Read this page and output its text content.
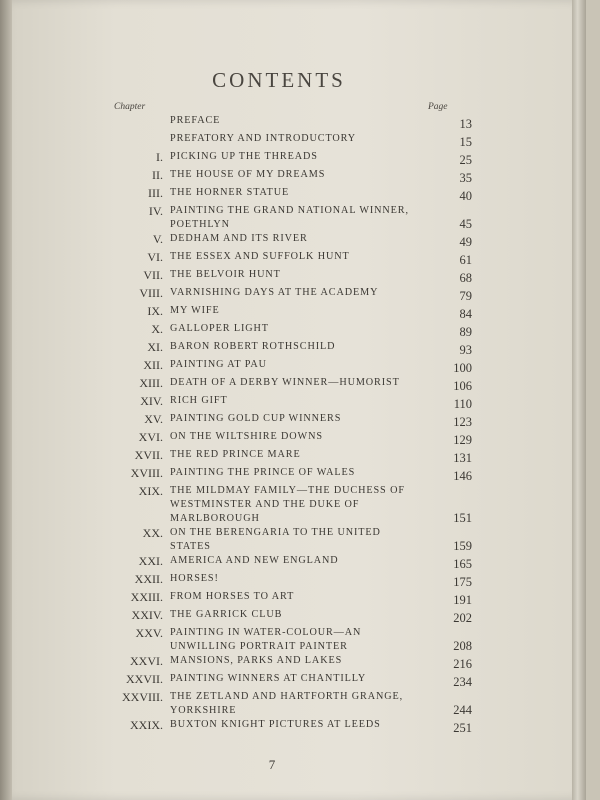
CONTENTS
Chapter	Page
PREFACE	13
PREFATORY AND INTRODUCTORY	15
I. PICKING UP THE THREADS	25
II. THE HOUSE OF MY DREAMS	35
III. THE HORNER STATUE	40
IV. PAINTING THE GRAND NATIONAL WINNER, POETHLYN	45
V. DEDHAM AND ITS RIVER	49
VI. THE ESSEX AND SUFFOLK HUNT	61
VII. THE BELVOIR HUNT	68
VIII. VARNISHING DAYS AT THE ACADEMY	79
IX. MY WIFE	84
X. GALLOPER LIGHT	89
XI. BARON ROBERT ROTHSCHILD	93
XII. PAINTING AT PAU	100
XIII. DEATH OF A DERBY WINNER—HUMORIST	106
XIV. RICH GIFT	110
XV. PAINTING GOLD CUP WINNERS	123
XVI. ON THE WILTSHIRE DOWNS	129
XVII. THE RED PRINCE MARE	131
XVIII. PAINTING THE PRINCE OF WALES	146
XIX. THE MILDMAY FAMILY—THE DUCHESS OF WESTMINSTER AND THE DUKE OF MARLBOROUGH	151
XX. ON THE BERENGARIA TO THE UNITED STATES	159
XXI. AMERICA AND NEW ENGLAND	165
XXII. HORSES!	175
XXIII. FROM HORSES TO ART	191
XXIV. THE GARRICK CLUB	202
XXV. PAINTING IN WATER-COLOUR—AN UNWILLING PORTRAIT PAINTER	208
XXVI. MANSIONS, PARKS AND LAKES	216
XXVII. PAINTING WINNERS AT CHANTILLY	234
XXVIII. THE ZETLAND AND HARTFORTH GRANGE, YORKSHIRE	244
XXIX. BUXTON KNIGHT PICTURES AT LEEDS	251
7
